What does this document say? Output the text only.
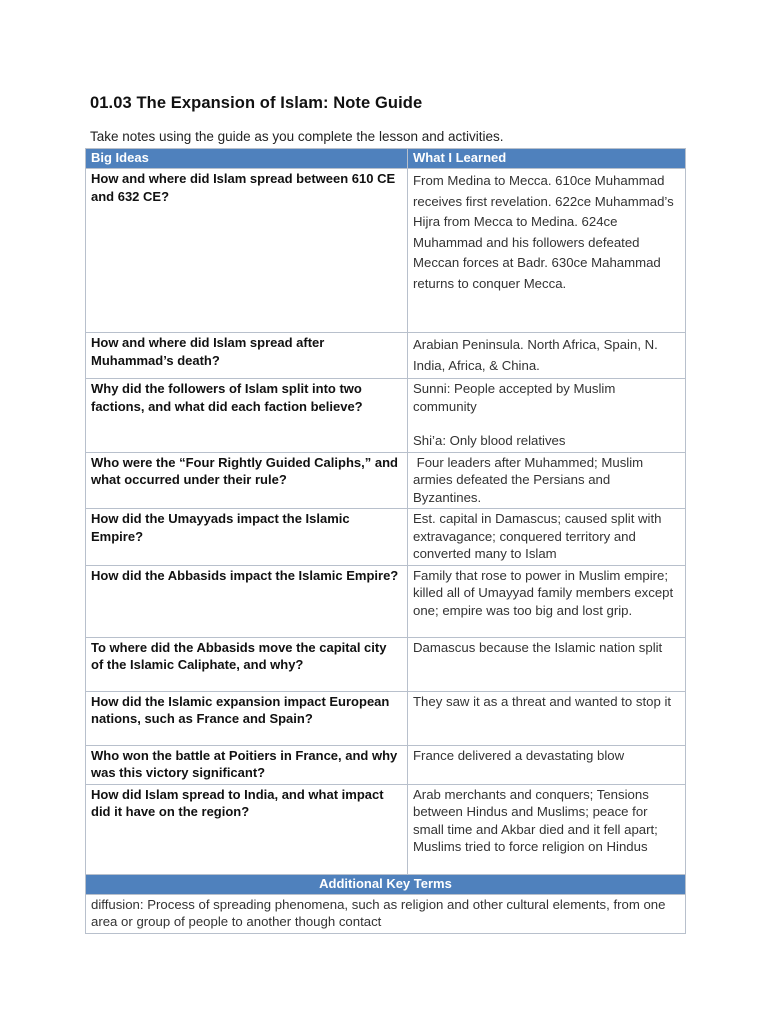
01.03 The Expansion of Islam: Note Guide
Take notes using the guide as you complete the lesson and activities.
Big Ideas	What I Learned
How and where did Islam spread between 610 CE and 632 CE?	From Medina to Mecca. 610ce Muhammad receives first revelation. 622ce Muhammad’s Hijra from Mecca to Medina. 624ce Muhammad and his followers defeated Meccan forces at Badr. 630ce Mahammad returns to conquer Mecca.
How and where did Islam spread after Muhammad’s death?	Arabian Peninsula. North Africa, Spain, N. India, Africa, & China.
Why did the followers of Islam split into two factions, and what did each faction believe?	Sunni: People accepted by Muslim community
Shi’a: Only blood relatives
Who were the “Four Rightly Guided Caliphs,” and what occurred under their rule?	Four leaders after Muhammed; Muslim armies defeated the Persians and Byzantines.
How did the Umayyads impact the Islamic Empire?	Est. capital in Damascus; caused split with extravagance; conquered territory and converted many to Islam
How did the Abbasids impact the Islamic Empire?	Family that rose to power in Muslim empire; killed all of Umayyad family members except one; empire was too big and lost grip.
To where did the Abbasids move the capital city of the Islamic Caliphate, and why?	Damascus because the Islamic nation split
How did the Islamic expansion impact European nations, such as France and Spain?	They saw it as a threat and wanted to stop it
Who won the battle at Poitiers in France, and why was this victory significant?	France delivered a devastating blow
How did Islam spread to India, and what impact did it have on the region?	Arab merchants and conquers; Tensions between Hindus and Muslims; peace for small time and Akbar died and it fell apart; Muslims tried to force religion on Hindus
Additional Key Terms	
diffusion: Process of spreading phenomena, such as religion and other cultural elements, from one area or group of people to another though contact	
